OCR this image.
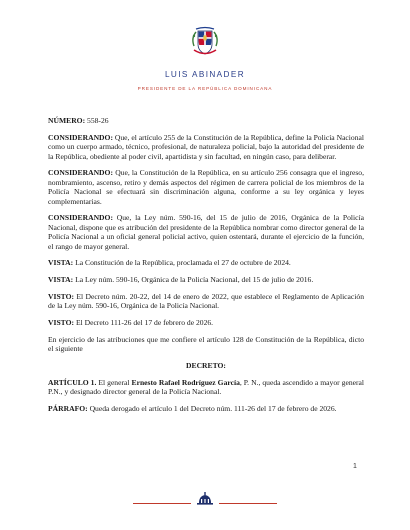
LUIS ABINADER
PRESIDENTE DE LA REPÚBLICA DOMINICANA

NÚMERO: 558-26

CONSIDERANDO: Que, el artículo 255 de la Constitución de la República, define la Policía Nacional como un cuerpo armado, técnico, profesional, de naturaleza policial, bajo la autoridad del presidente de la República, obediente al poder civil, apartidista y sin facultad, en ningún caso, para deliberar.

CONSIDERANDO: Que, la Constitución de la República, en su artículo 256 consagra que el ingreso, nombramiento, ascenso, retiro y demás aspectos del régimen de carrera policial de los miembros de la Policía Nacional se efectuará sin discriminación alguna, conforme a su ley orgánica y leyes complementarias.

CONSIDERANDO: Que, la Ley núm. 590-16, del 15 de julio de 2016, Orgánica de la Policía Nacional, dispone que es atribución del presidente de la República nombrar como director general de la Policía Nacional a un oficial general policial activo, quien ostentará, durante el ejercicio de la función, el rango de mayor general.

VISTA: La Constitución de la República, proclamada el 27 de octubre de 2024.

VISTA: La Ley núm. 590-16, Orgánica de la Policía Nacional, del 15 de julio de 2016.

VISTO: El Decreto núm. 20-22, del 14 de enero de 2022, que establece el Reglamento de Aplicación de la Ley núm. 590-16, Orgánica de la Policía Nacional.

VISTO: El Decreto 111-26 del 17 de febrero de 2026.

En ejercicio de las atribuciones que me confiere el artículo 128 de Constitución de la República, dicto el siguiente

DECRETO:

ARTÍCULO 1. El general Ernesto Rafael Rodríguez García, P. N., queda ascendido a mayor general P.N., y designado director general de la Policía Nacional.

PÁRRAFO: Queda derogado el artículo 1 del Decreto núm. 111-26 del 17 de febrero de 2026.

1
